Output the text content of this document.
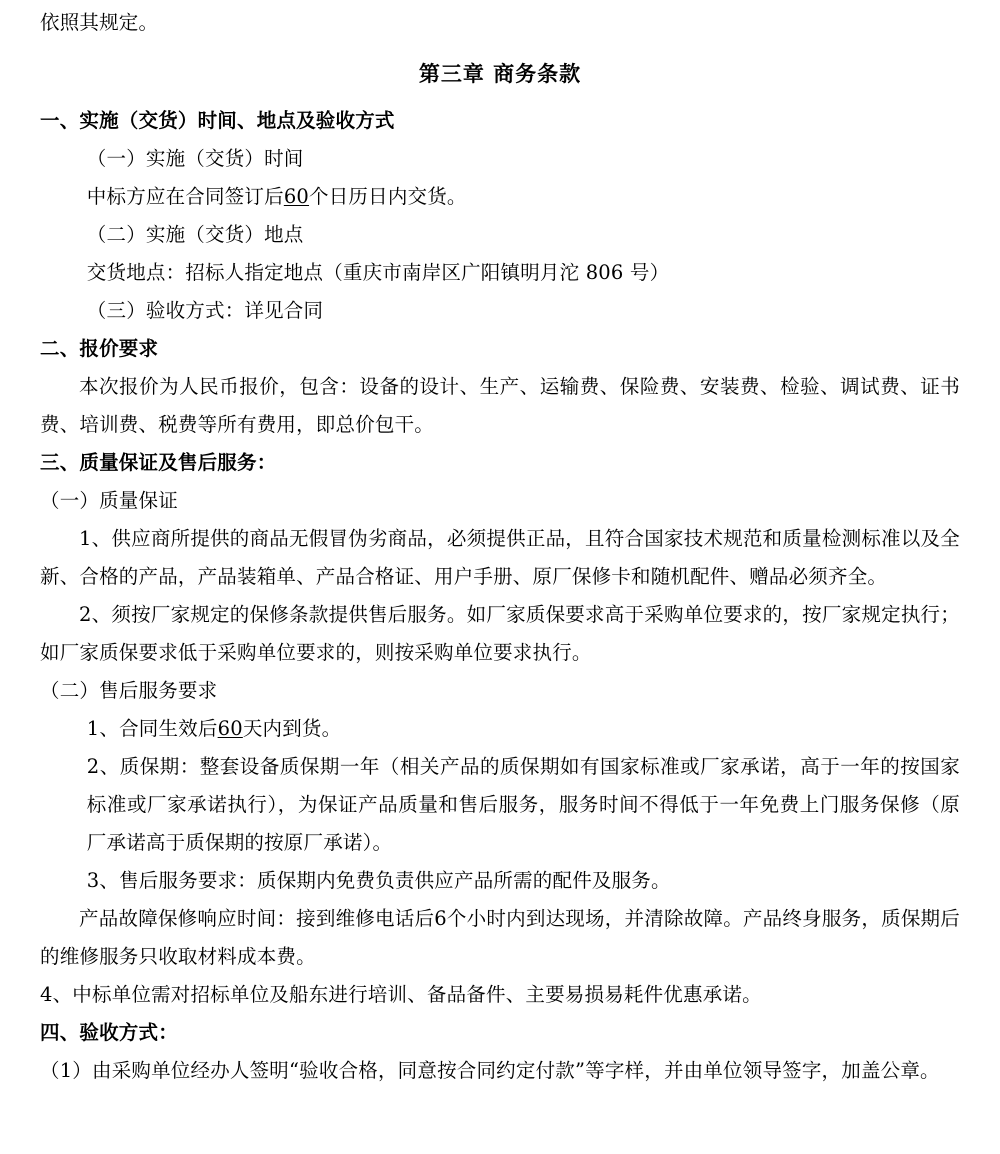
依照其规定。

第三章 商务条款

一、实施（交货）时间、地点及验收方式

（一）实施（交货）时间

中标方应在合同签订后60个日历日内交货。

（二）实施（交货）地点

交货地点：招标人指定地点（重庆市南岸区广阳镇明月沱 806 号）

（三）验收方式：详见合同

二、报价要求

本次报价为人民币报价，包含：设备的设计、生产、运输费、保险费、安装费、检验、调试费、证书费、培训费、税费等所有费用，即总价包干。

三、质量保证及售后服务：

（一）质量保证

1、供应商所提供的商品无假冒伪劣商品，必须提供正品，且符合国家技术规范和质量检测标准以及全新、合格的产品，产品装箱单、产品合格证、用户手册、原厂保修卡和随机配件、赠品必须齐全。

2、须按厂家规定的保修条款提供售后服务。如厂家质保要求高于采购单位要求的，按厂家规定执行；如厂家质保要求低于采购单位要求的，则按采购单位要求执行。

（二）售后服务要求

1、合同生效后60天内到货。

2、质保期：整套设备质保期一年（相关产品的质保期如有国家标准或厂家承诺，高于一年的按国家标准或厂家承诺执行），为保证产品质量和售后服务，服务时间不得低于一年免费上门服务保修（原厂承诺高于质保期的按原厂承诺）。

3、售后服务要求：质保期内免费负责供应产品所需的配件及服务。

产品故障保修响应时间：接到维修电话后6个小时内到达现场，并清除故障。产品终身服务，质保期后的维修服务只收取材料成本费。

4、中标单位需对招标单位及船东进行培训、备品备件、主要易损易耗件优惠承诺。

四、验收方式：

（1）由采购单位经办人签明“验收合格，同意按合同约定付款”等字样，并由单位领导签字，加盖公章。
